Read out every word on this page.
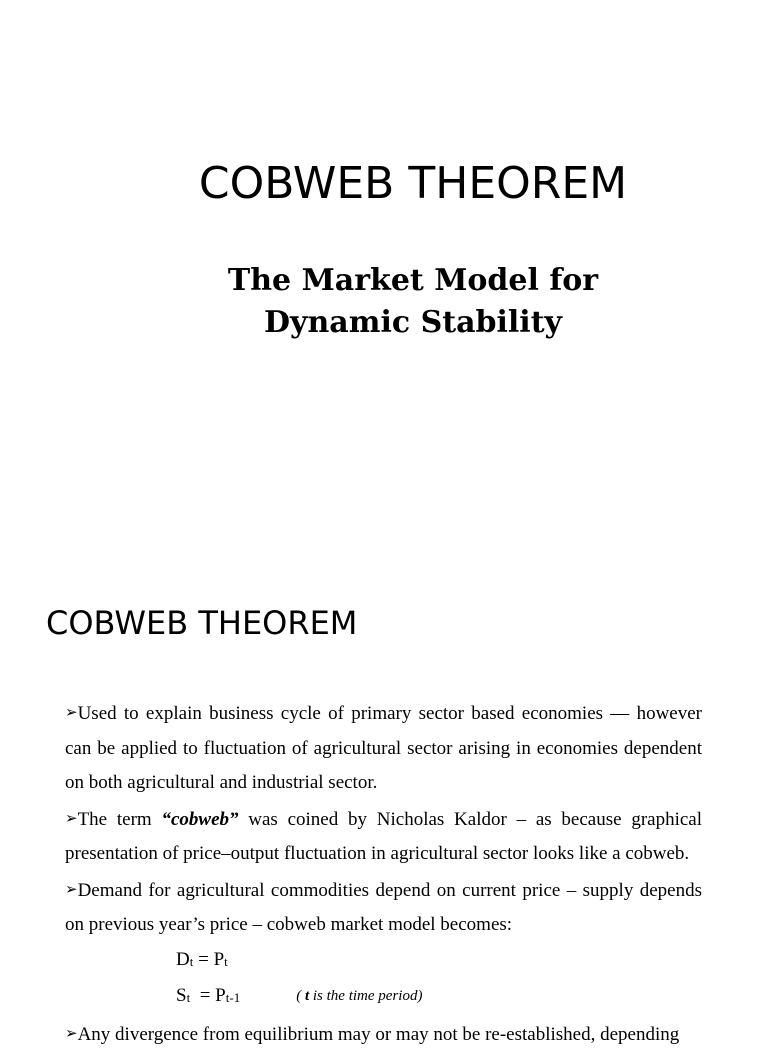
COBWEB THEOREM
The Market Model for Dynamic Stability
COBWEB THEOREM

➢Used to explain business cycle of primary sector based economies — however can be applied to fluctuation of agricultural sector arising in economies dependent on both agricultural and industrial sector.

➢The term “cobweb” was coined by Nicholas Kaldor – as because graphical presentation of price–output fluctuation in agricultural sector looks like a cobweb.

➢Demand for agricultural commodities depend on current price – supply depends on previous year’s price – cobweb market model becomes:

Dt = Pt

St  = Pt-1	( t is the time period)

➢Any divergence from equilibrium may or may not be re-established, depending
